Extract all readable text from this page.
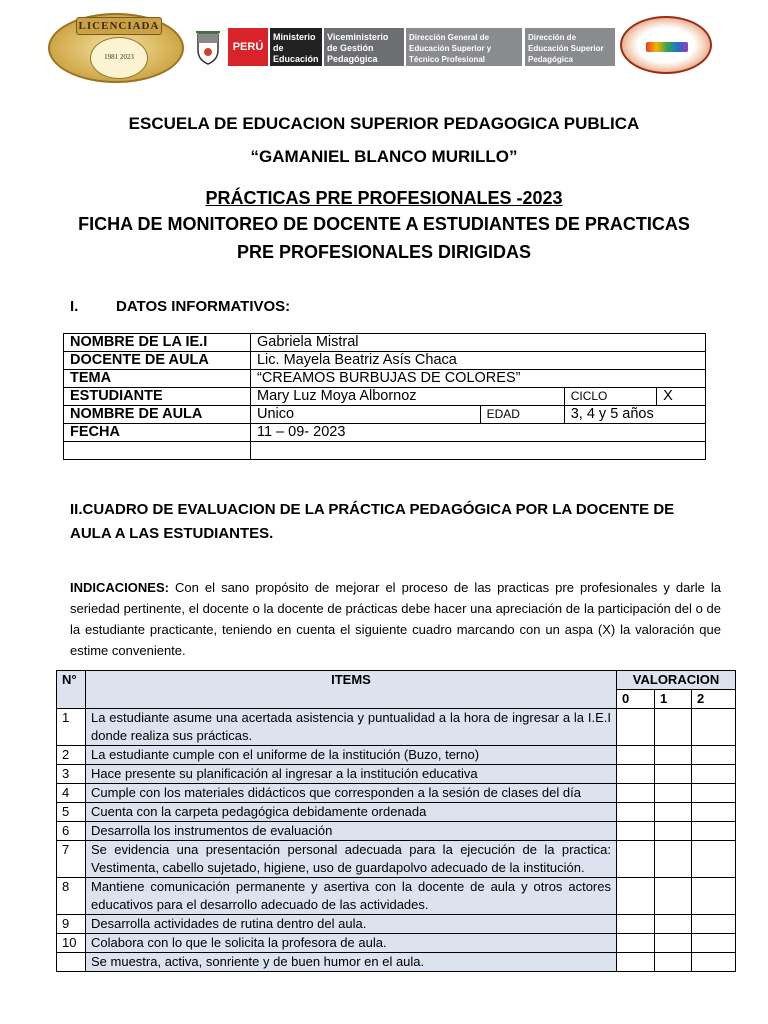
LICENCIADA
1981 2023
PERÚ
Ministerio de Educación
Viceministerio de Gestión Pedagógica
Dirección General de Educación Superior y Técnico Profesional
Dirección de Educación Superior Pedagógica
ESCUELA DE EDUCACION SUPERIOR PEDAGOGICA PUBLICA
“GAMANIEL BLANCO MURILLO”
PRÁCTICAS PRE PROFESIONALES -2023
FICHA DE MONITOREO DE DOCENTE A ESTUDIANTES DE PRACTICAS
PRE PROFESIONALES DIRIGIDAS
I.	DATOS INFORMATIVOS:
NOMBRE DE LA IE.I	Gabriela Mistral			
DOCENTE DE AULA	Lic. Mayela Beatriz Asís Chaca			
TEMA	“CREAMOS BURBUJAS DE COLORES”			
ESTUDIANTE	Mary Luz Moya Albornoz		CICLO	X
NOMBRE DE AULA	Unico	EDAD	3, 4 y 5 años	
FECHA	11 – 09- 2023			

II.CUADRO DE EVALUACION DE LA PRÁCTICA PEDAGÓGICA POR LA DOCENTE DE AULA A LAS ESTUDIANTES.
INDICACIONES: Con el sano propósito de mejorar el proceso de las practicas pre profesionales y darle la seriedad pertinente, el docente o la docente de prácticas debe hacer una apreciación de la participación del o de la estudiante practicante, teniendo en cuenta el siguiente cuadro marcando con un aspa (X) la valoración que estime conveniente.
N°	ITEMS	VALORACION		
		0	1	2
1	La estudiante asume una acertada asistencia y puntualidad a la hora de ingresar a la I.E.I donde realiza sus prácticas.			
2	La estudiante cumple con el uniforme de la institución (Buzo, terno)			
3	Hace presente su planificación al ingresar a la institución educativa			
4	Cumple con los materiales didácticos que corresponden a la sesión de clases del día			
5	Cuenta con la carpeta pedagógica debidamente ordenada			
6	Desarrolla los instrumentos de evaluación			
7	Se evidencia una presentación personal adecuada para la ejecución de la practica: Vestimenta, cabello sujetado, higiene, uso de guardapolvo adecuado de la institución.			
8	Mantiene comunicación permanente y asertiva con la docente de aula y otros actores educativos para el desarrollo adecuado de las actividades.			
9	Desarrolla actividades de rutina dentro del aula.			
10	Colabora con lo que le solicita la profesora de aula.			
	Se muestra, activa, sonriente y de buen humor en el aula.			
